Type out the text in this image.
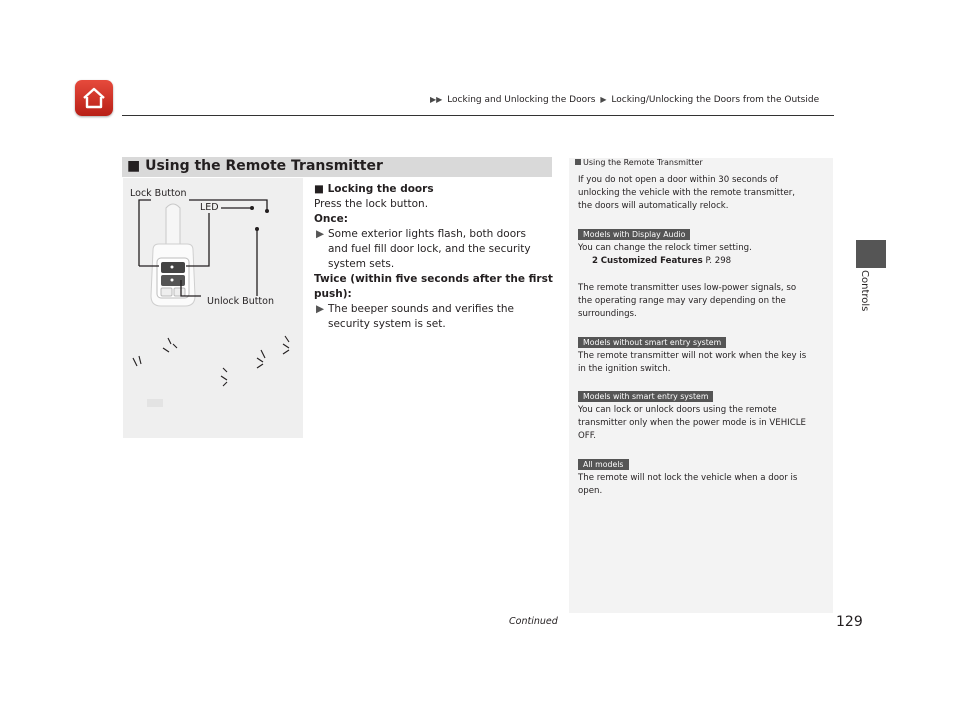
▶▶ Locking and Unlocking the Doors ▶ Locking/Unlocking the Doors from the Outside
Controls
■ Using the Remote Transmitter
Lock Button
LED
Unlock Button
■ Locking the doors
Press the lock button.
Once:
▶ Some exterior lights flash, both doors
and fuel fill door lock, and the security
system sets.
Twice (within five seconds after the first
push):
▶ The beeper sounds and verifies the
security system is set.
Using the Remote Transmitter
If you do not open a door within 30 seconds of
unlocking the vehicle with the remote transmitter,
the doors will automatically relock.
Models with Display Audio
You can change the relock timer setting.
2 Customized Features P. 298
The remote transmitter uses low-power signals, so
the operating range may vary depending on the
surroundings.
Models without smart entry system
The remote transmitter will not work when the key is
in the ignition switch.
Models with smart entry system
You can lock or unlock doors using the remote
transmitter only when the power mode is in VEHICLE
OFF.
All models
The remote will not lock the vehicle when a door is
open.
Continued	129
